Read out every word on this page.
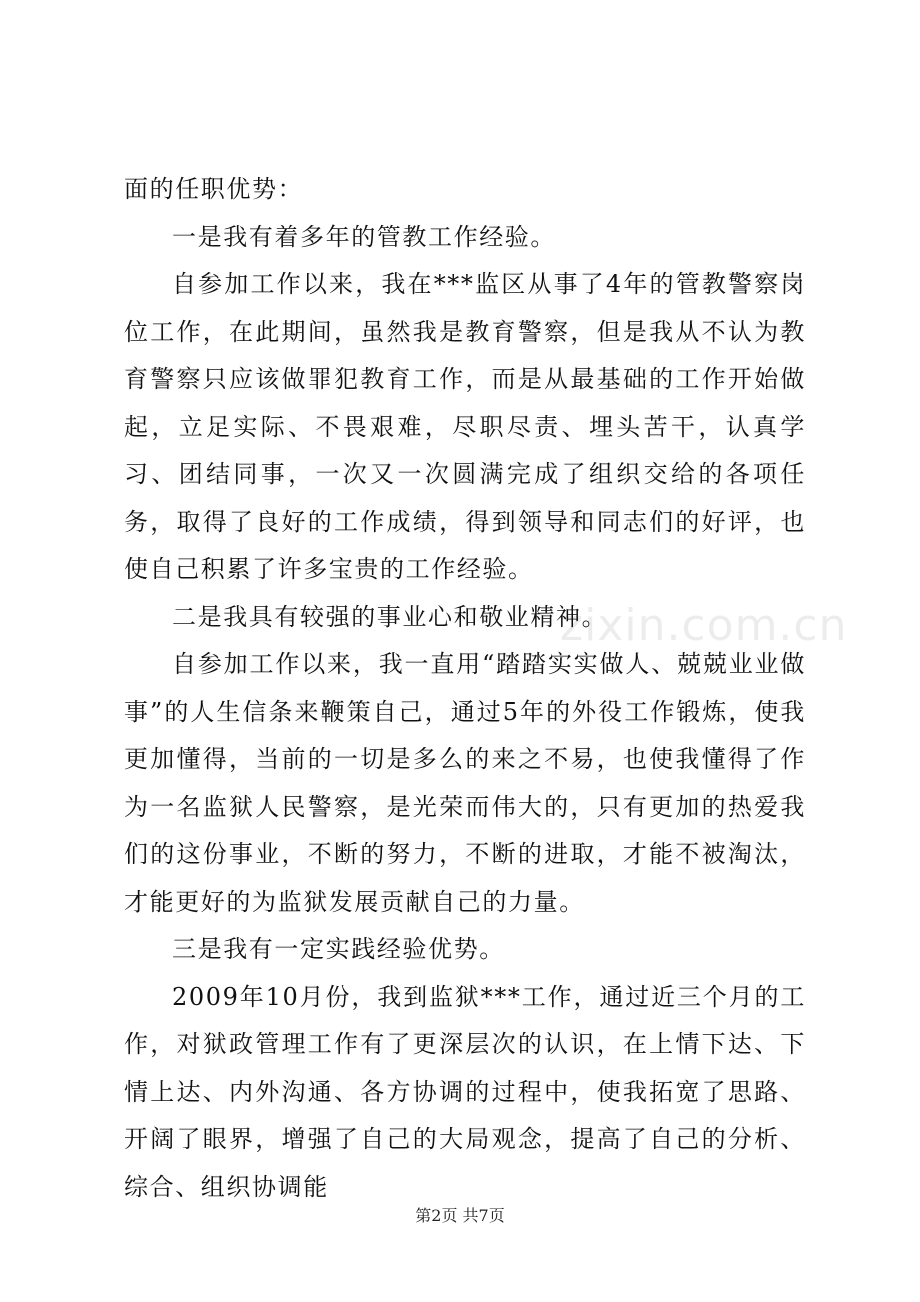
面的任职优势：

一是我有着多年的管教工作经验。

自参加工作以来，我在***监区从事了4年的管教警察岗位工作，在此期间，虽然我是教育警察，但是我从不认为教育警察只应该做罪犯教育工作，而是从最基础的工作开始做起，立足实际、不畏艰难，尽职尽责、埋头苦干，认真学习、团结同事，一次又一次圆满完成了组织交给的各项任务，取得了良好的工作成绩，得到领导和同志们的好评，也使自己积累了许多宝贵的工作经验。

二是我具有较强的事业心和敬业精神。

自参加工作以来，我一直用“踏踏实实做人、兢兢业业做事”的人生信条来鞭策自己，通过5年的外役工作锻炼，使我更加懂得，当前的一切是多么的来之不易，也使我懂得了作为一名监狱人民警察，是光荣而伟大的，只有更加的热爱我们的这份事业，不断的努力，不断的进取，才能不被淘汰，才能更好的为监狱发展贡献自己的力量。

三是我有一定实践经验优势。

2009年10月份，我到监狱***工作，通过近三个月的工作，对狱政管理工作有了更深层次的认识，在上情下达、下情上达、内外沟通、各方协调的过程中，使我拓宽了思路、开阔了眼界，增强了自己的大局观念，提高了自己的分析、综合、组织协调能

zixin.com.cn
第2页 共7页
